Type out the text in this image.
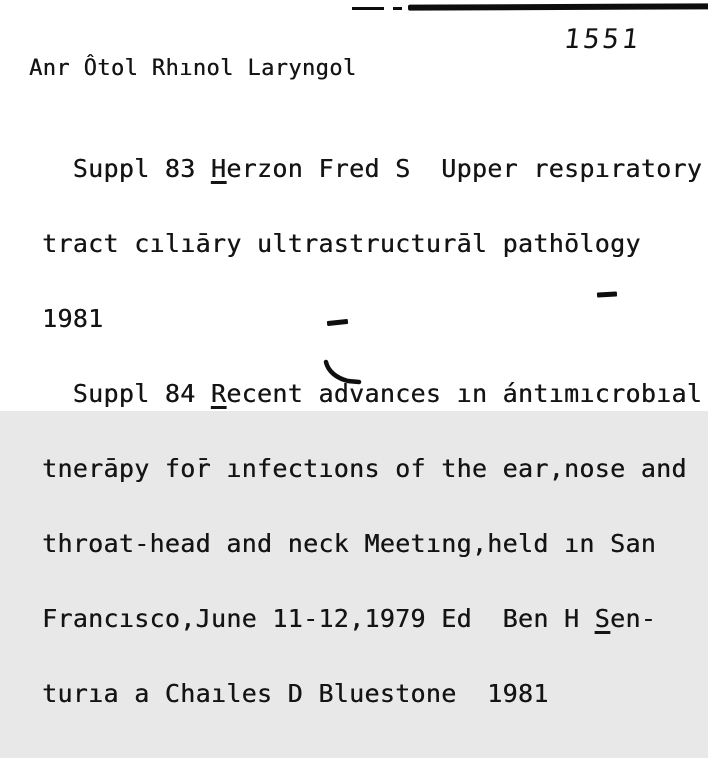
1551
Anr Ôtol Rhınol Laryngol

Suppl 83 Herzon Fred S  Upper respıratory

tract cılıāry ultrastructurāl pathōlogy

1981

Suppl 84 Recent advances ın ántımıcrobıal

tnerāpy for̄ ınfectıons of the ear,nose and

throat-head and neck Meetıng,held ın San

Francısco,June 11-12,1979 Ed  Ben H Sen-

turıa a Chaıles D Bluestone  1981
